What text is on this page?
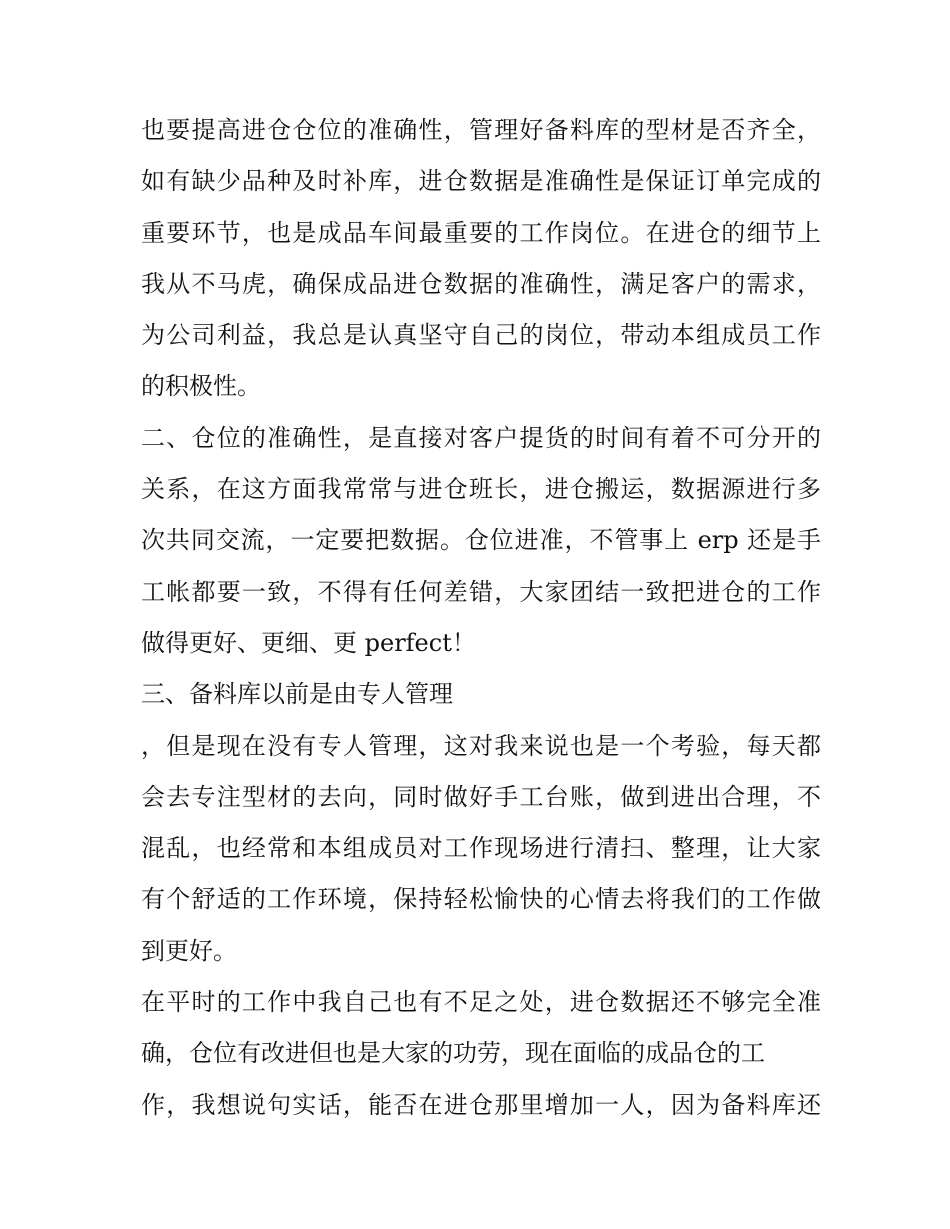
也要提高进仓仓位的准确性，管理好备料库的型材是否齐全，
如有缺少品种及时补库，进仓数据是准确性是保证订单完成的
重要环节，也是成品车间最重要的工作岗位。在进仓的细节上
我从不马虎，确保成品进仓数据的准确性，满足客户的需求，
为公司利益，我总是认真坚守自己的岗位，带动本组成员工作
的积极性。
二、仓位的准确性，是直接对客户提货的时间有着不可分开的
关系，在这方面我常常与进仓班长，进仓搬运，数据源进行多
次共同交流，一定要把数据。仓位进准，不管事上 erp 还是手
工帐都要一致，不得有任何差错，大家团结一致把进仓的工作
做得更好、更细、更 perfect！
三、备料库以前是由专人管理
，但是现在没有专人管理，这对我来说也是一个考验，每天都
会去专注型材的去向，同时做好手工台账，做到进出合理，不
混乱，也经常和本组成员对工作现场进行清扫、整理，让大家
有个舒适的工作环境，保持轻松愉快的心情去将我们的工作做
到更好。
在平时的工作中我自己也有不足之处，进仓数据还不够完全准
确，仓位有改进但也是大家的功劳，现在面临的成品仓的工
作，我想说句实话，能否在进仓那里增加一人，因为备料库还
